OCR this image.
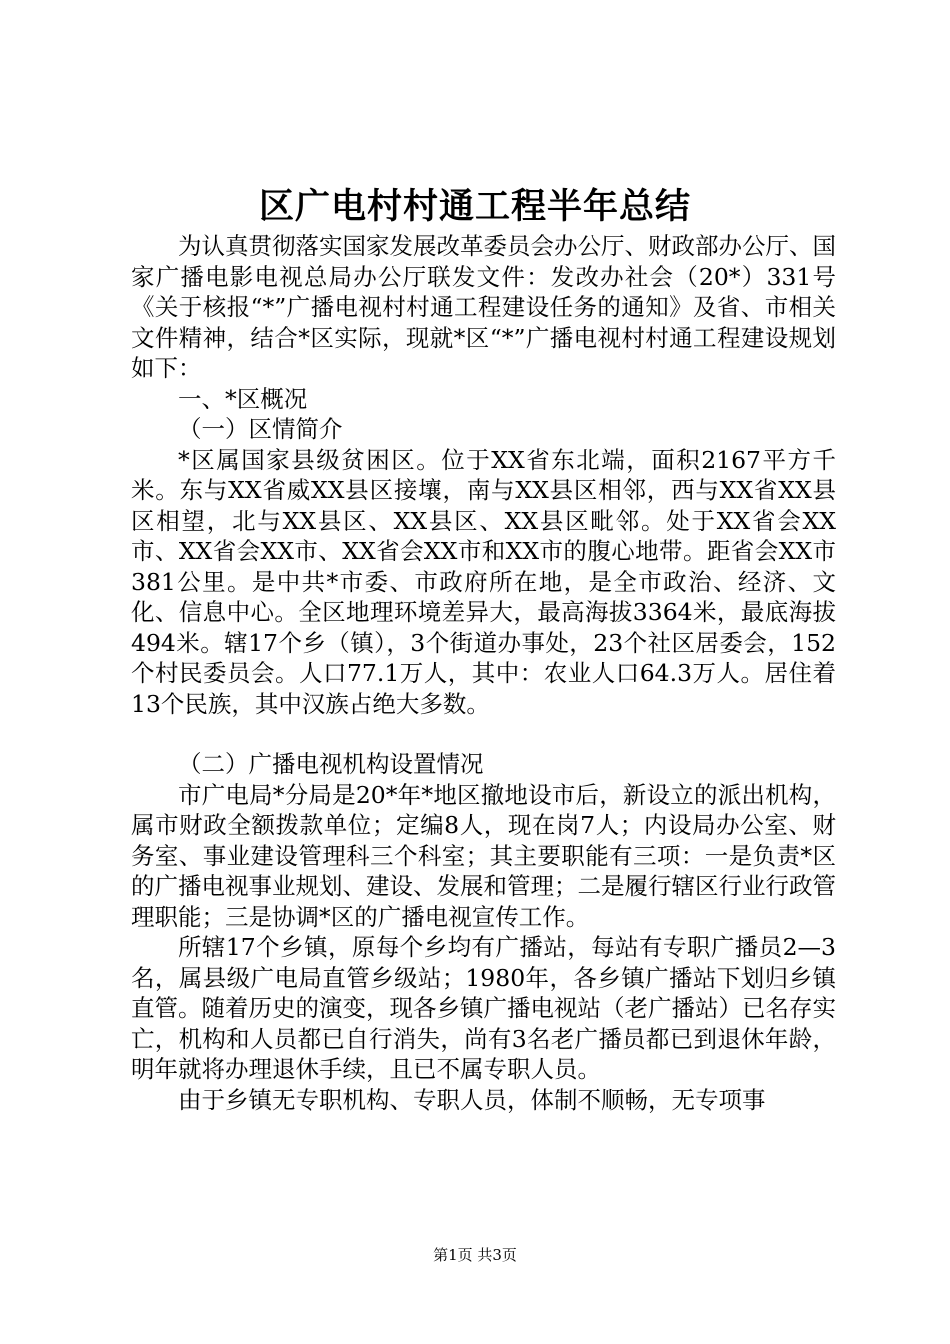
区广电村村通工程半年总结

为认真贯彻落实国家发展改革委员会办公厅、财政部办公厅、国家广播电影电视总局办公厅联发文件：发改办社会（20*）331号《关于核报“*”广播电视村村通工程建设任务的通知》及省、市相关文件精神，结合*区实际，现就*区“*”广播电视村村通工程建设规划如下：

一、*区概况

（一）区情简介

*区属国家县级贫困区。位于XX省东北端，面积2167平方千米。东与XX省威XX县区接壤，南与XX县区相邻，西与XX省XX县区相望，北与XX县区、XX县区、XX县区毗邻。处于XX省会XX市、XX省会XX市、XX省会XX市和XX市的腹心地带。距省会XX市381公里。是中共*市委、市政府所在地，是全市政治、经济、文化、信息中心。全区地理环境差异大，最高海拔3364米，最底海拔494米。辖17个乡（镇），3个街道办事处，23个社区居委会，152个村民委员会。人口77.1万人，其中：农业人口64.3万人。居住着13个民族，其中汉族占绝大多数。

（二）广播电视机构设置情况

市广电局*分局是20*年*地区撤地设市后，新设立的派出机构，属市财政全额拨款单位；定编8人，现在岗7人；内设局办公室、财务室、事业建设管理科三个科室；其主要职能有三项：一是负责*区的广播电视事业规划、建设、发展和管理；二是履行辖区行业行政管理职能；三是协调*区的广播电视宣传工作。

所辖17个乡镇，原每个乡均有广播站，每站有专职广播员2—3名，属县级广电局直管乡级站；1980年，各乡镇广播站下划归乡镇直管。随着历史的演变，现各乡镇广播电视站（老广播站）已名存实亡，机构和人员都已自行消失，尚有3名老广播员都已到退休年龄，明年就将办理退休手续，且已不属专职人员。

由于乡镇无专职机构、专职人员，体制不顺畅，无专项事

第1页 共3页
